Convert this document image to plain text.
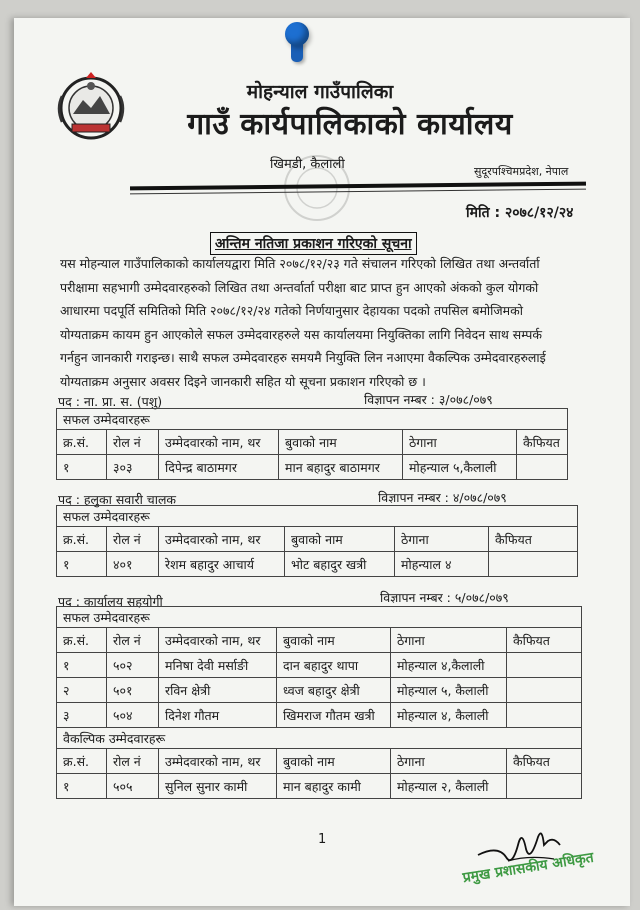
मोहन्याल गाउँपालिका
गाउँ कार्यपालिकाको कार्यालय
खिमडी, कैलाली	सुदूरपश्चिमप्रदेश, नेपाल
मिति : २०७८/१२/२४
अन्तिम नतिजा प्रकाशन गरिएको सूचना
यस मोहन्याल गाउँपालिकाको कार्यालयद्वारा मिति २०७८/१२/२३ गते संचालन गरिएको लिखित तथा अन्तर्वार्ता
परीक्षामा सहभागी उम्मेदवारहरुको लिखित तथा अन्तर्वार्ता परीक्षा बाट प्राप्त हुन आएको अंकको कुल योगको
आधारमा पदपूर्ति समितिको मिति २०७८/१२/२४ गतेको निर्णयानुसार देहायका पदको तपसिल बमोजिमको
योग्यताक्रम कायम हुन आएकोले सफल उम्मेदवारहरुले यस कार्यालयमा नियुक्तिका लागि निवेदन साथ सम्पर्क
गर्नहुन जानकारी गराइन्छ। साथै सफल उम्मेदवारहरु समयमै नियुक्ति लिन नआएमा वैकल्पिक उम्मेदवारहरुलाई
योग्यताक्रम अनुसार अवसर दिइने जानकारी सहित यो सूचना प्रकाशन गरिएको छ ।
पद : ना. प्रा. स. (पशु)	विज्ञापन नम्बर : ३/०७८/०७९
सफल उम्मेदवारहरू					
क्र.सं.	रोल नं	उम्मेदवारको नाम, थर	बुवाको नाम	ठेगाना	कैफियत
१	३०३	दिपेन्द्र बाठामगर	मान बहादुर बाठामगर	मोहन्याल ५,कैलाली	
पद : हलुका सवारी चालक	विज्ञापन नम्बर : ४/०७८/०७९
सफल उम्मेदवारहरू					
क्र.सं.	रोल नं	उम्मेदवारको नाम, थर	बुवाको नाम	ठेगाना	कैफियत
१	४०१	रेशम बहादुर आचार्य	भोट बहादुर खत्री	मोहन्याल ४	
पद : कार्यालय सहयोगी	विज्ञापन नम्बर : ५/०७८/०७९
सफल उम्मेदवारहरू					
क्र.सं.	रोल नं	उम्मेदवारको नाम, थर	बुवाको नाम	ठेगाना	कैफियत
१	५०२	मनिषा देवी मर्साङी	दान बहादुर थापा	मोहन्याल ४,कैलाली	
२	५०१	रविन क्षेत्री	ध्वज बहादुर क्षेत्री	मोहन्याल ५, कैलाली	
३	५०४	दिनेश गौतम	खिमराज गौतम खत्री	मोहन्याल ४, कैलाली	
वैकल्पिक उम्मेदवारहरू					
क्र.सं.	रोल नं	उम्मेदवारको नाम, थर	बुवाको नाम	ठेगाना	कैफियत
१	५०५	सुनिल सुनार कामी	मान बहादुर कामी	मोहन्याल २, कैलाली	
1
प्रमुख प्रशासकीय अधिकृत
